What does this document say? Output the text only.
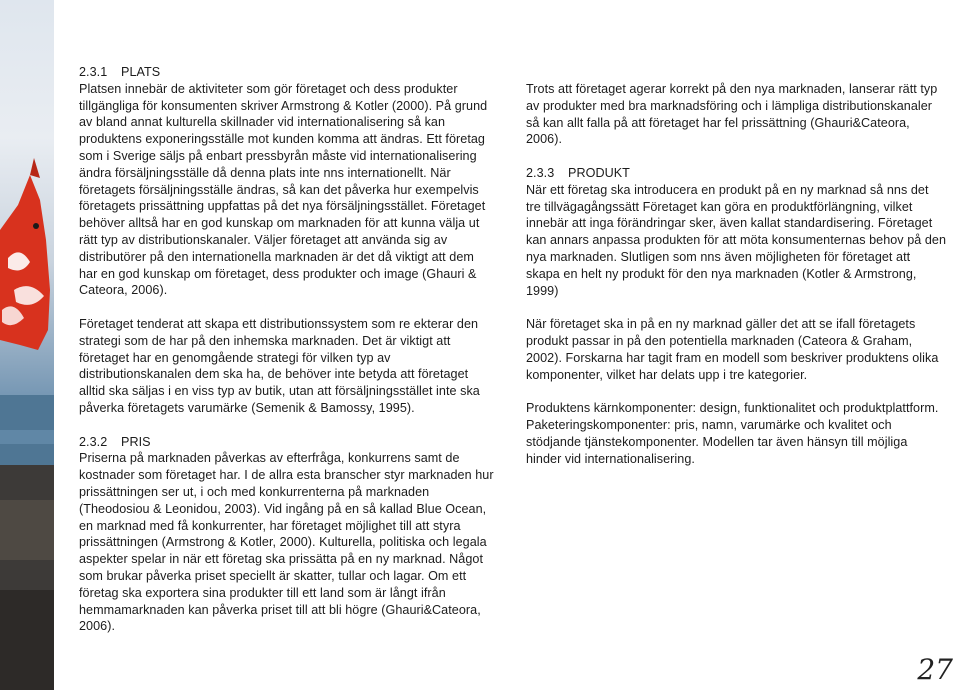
2.3.1 PLATS

Platsen innebär de aktiviteter som gör företaget och dess produkter tillgängliga för konsumenten skriver Armstrong & Kotler (2000). På grund av bland annat kulturella skillnader vid internationalisering så kan produktens exponeringsställe mot kunden komma att ändras. Ett företag som i Sverige säljs på enbart pressbyrån måste vid internationalisering ändra försäljningsställe då denna plats inte nns internationellt. När företagets försäljningsställe ändras, så kan det påverka hur exempelvis företagets prissättning uppfattas på det nya försäljningsstället. Företaget behöver alltså har en god kunskap om marknaden för att kunna välja ut rätt typ av distributionskanaler. Väljer företaget att använda sig av distributörer på den internationella marknaden är det då viktigt att dem har en god kunskap om företaget, dess produkter och image (Ghauri & Cateora, 2006).

Företaget tenderat att skapa ett distributionssystem som re ekterar den strategi som de har på den inhemska marknaden. Det är viktigt att företaget har en genomgående strategi för vilken typ av distributionskanalen dem ska ha, de behöver inte betyda att företaget alltid ska säljas i en viss typ av butik, utan att försäljningsstället inte ska påverka företagets varumärke (Semenik & Bamossy, 1995).

2.3.2 PRIS

Priserna på marknaden påverkas av efterfråga, konkurrens samt de kostnader som företaget har. I de allra esta branscher styr marknaden hur prissättningen ser ut, i och med konkurrenterna på marknaden (Theodosiou & Leonidou, 2003). Vid ingång på en så kallad Blue Ocean, en marknad med få konkurrenter, har företaget möjlighet till att styra prissättningen (Armstrong & Kotler, 2000). Kulturella, politiska och legala aspekter spelar in när ett företag ska prissätta på en ny marknad. Något som brukar påverka priset speciellt är skatter, tullar och lagar. Om ett företag ska exportera sina produkter till ett land som är långt ifrån hemmamarknaden kan påverka priset till att bli högre (Ghauri&Cateora, 2006).

Trots att företaget agerar korrekt på den nya marknaden, lanserar rätt typ av produkter med bra marknadsföring och i lämpliga distributionskanaler så kan allt falla på att företaget har fel prissättning (Ghauri&Cateora, 2006).

2.3.3 PRODUKT

När ett företag ska introducera en produkt på en ny marknad så nns det tre tillvägagångssätt Företaget kan göra en produktförlängning, vilket innebär att inga förändringar sker, även kallat standardisering. Företaget kan annars anpassa produkten för att möta konsumenternas behov på den nya marknaden. Slutligen som nns även möjligheten för företaget att skapa en helt ny produkt för den nya marknaden (Kotler & Armstrong, 1999)

När företaget ska in på en ny marknad gäller det att se ifall företagets produkt passar in på den potentiella marknaden (Cateora & Graham, 2002). Forskarna har tagit fram en modell som beskriver produktens olika komponenter, vilket har delats upp i tre kategorier.

Produktens kärnkomponenter: design, funktionalitet och produktplattform. Paketeringskomponenter: pris, namn, varumärke och kvalitet och stödjande tjänstekomponenter. Modellen tar även hänsyn till möjliga hinder vid internationalisering.

27
